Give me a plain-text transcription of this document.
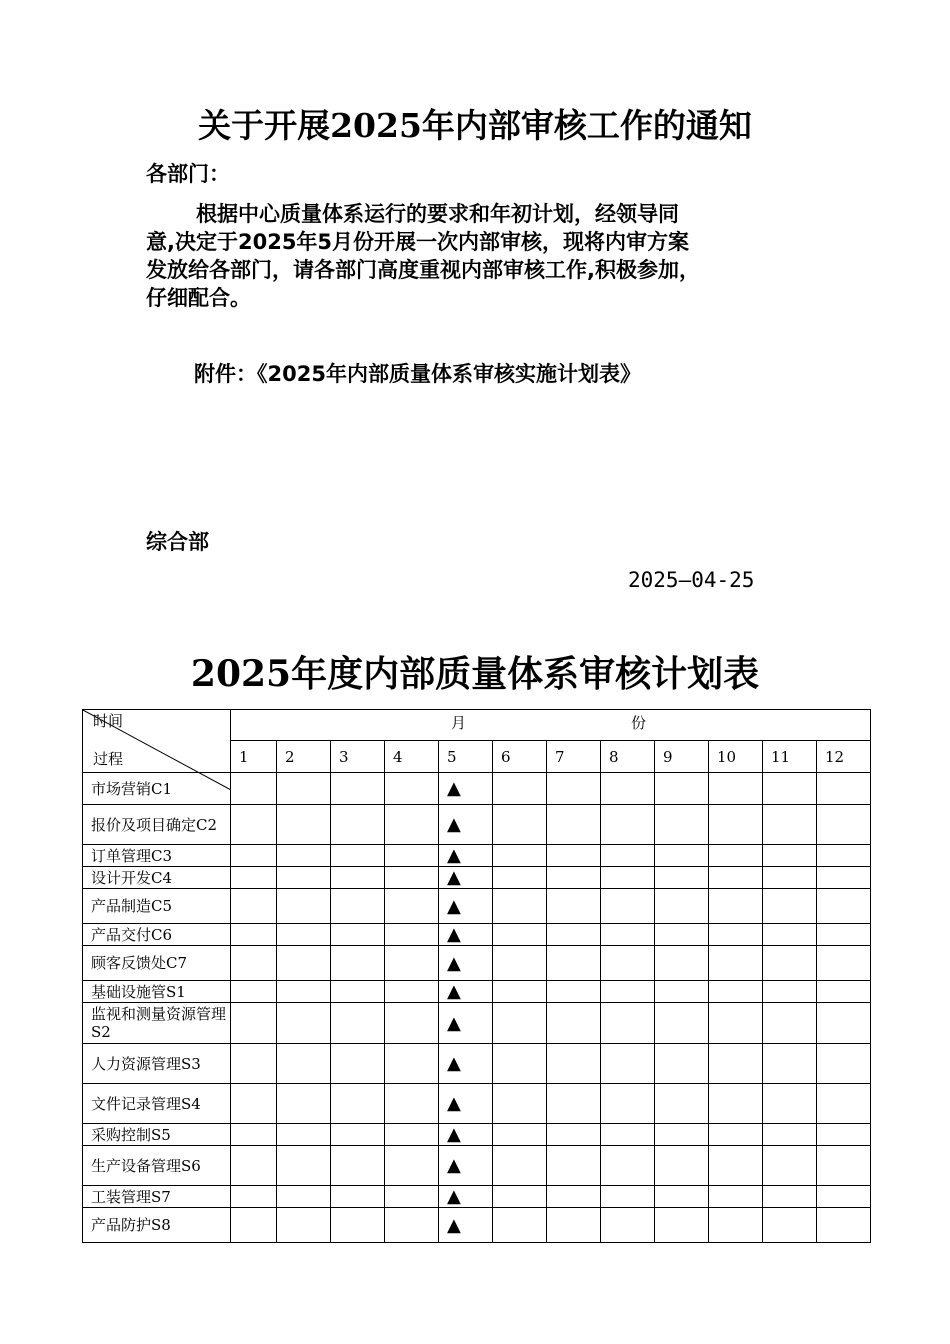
关于开展2025年内部审核工作的通知
各部门：
根据中心质量体系运行的要求和年初计划，经领导同
意,决定于2025年5月份开展一次内部审核，现将内审方案
发放给各部门，请各部门高度重视内部审核工作,积极参加，
仔细配合。
附件：《2025年内部质量体系审核实施计划表》
综合部
2025—04-25
2025年度内部质量体系审核计划表
时间
过程	月 份											

	1	2	3	4	5	6	7	8	9	10	11	12
市场营销C1					▲							
报价及项目确定C2					▲							
订单管理C3					▲							
设计开发C4					▲							
产品制造C5					▲							
产品交付C6					▲							
顾客反馈处C7					▲							
基础设施管S1					▲							
监视和测量资源管理S2					▲							
人力资源管理S3					▲							
文件记录管理S4					▲							
采购控制S5					▲							
生产设备管理S6					▲							
工装管理S7					▲							
产品防护S8					▲							
